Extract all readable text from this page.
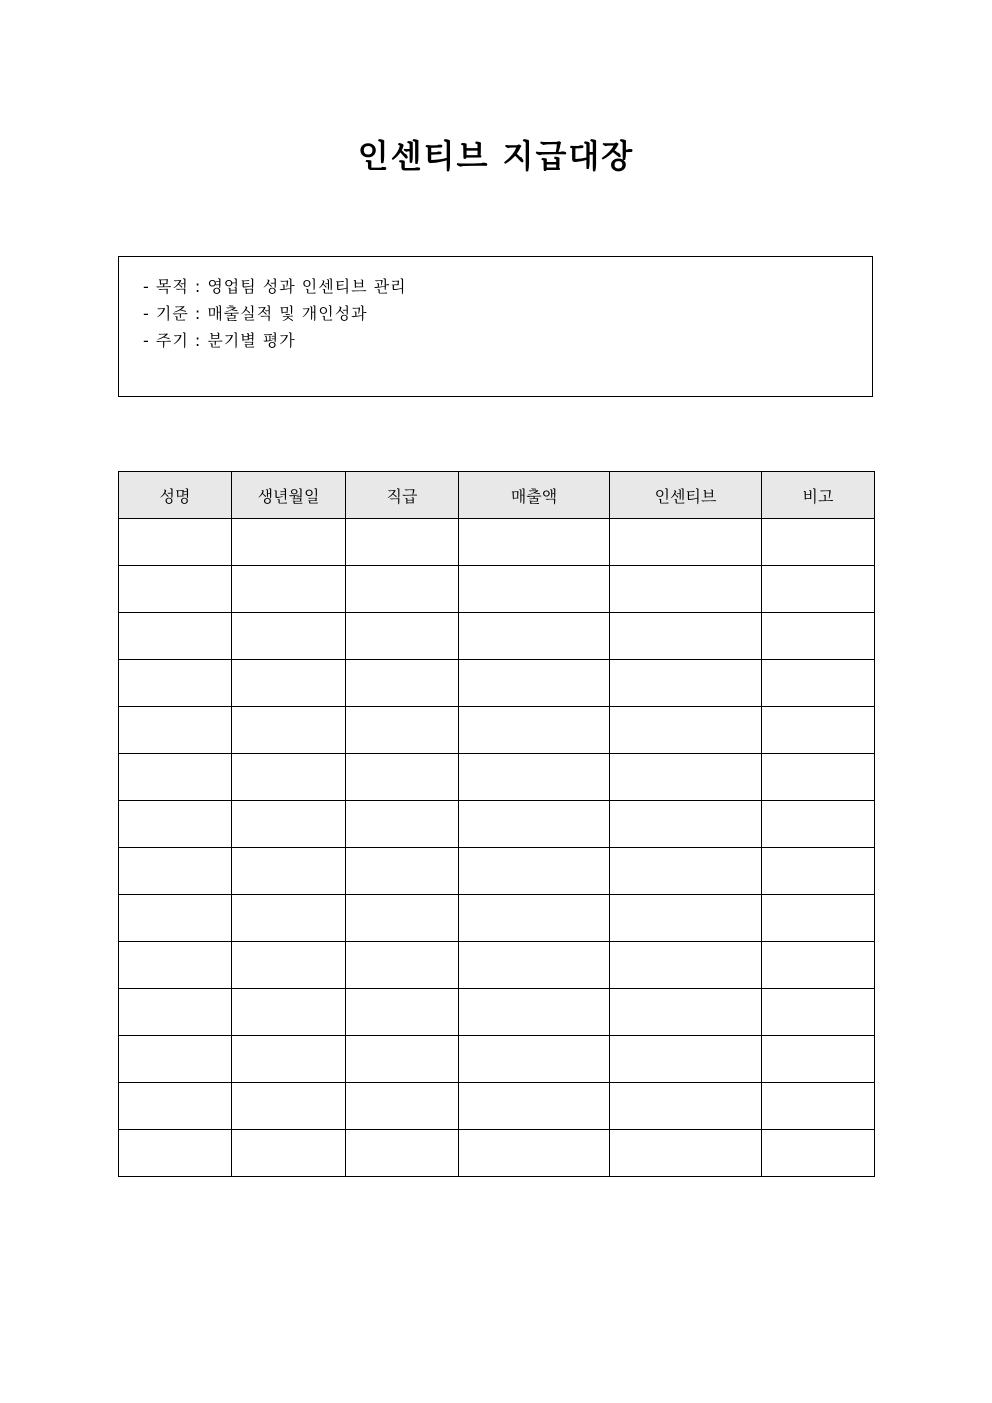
인센티브 지급대장
- 목적 : 영업팀 성과 인센티브 관리
- 기준 : 매출실적 및 개인성과
- 주기 : 분기별 평가
성명	생년월일	직급	매출액	인센티브	비고
